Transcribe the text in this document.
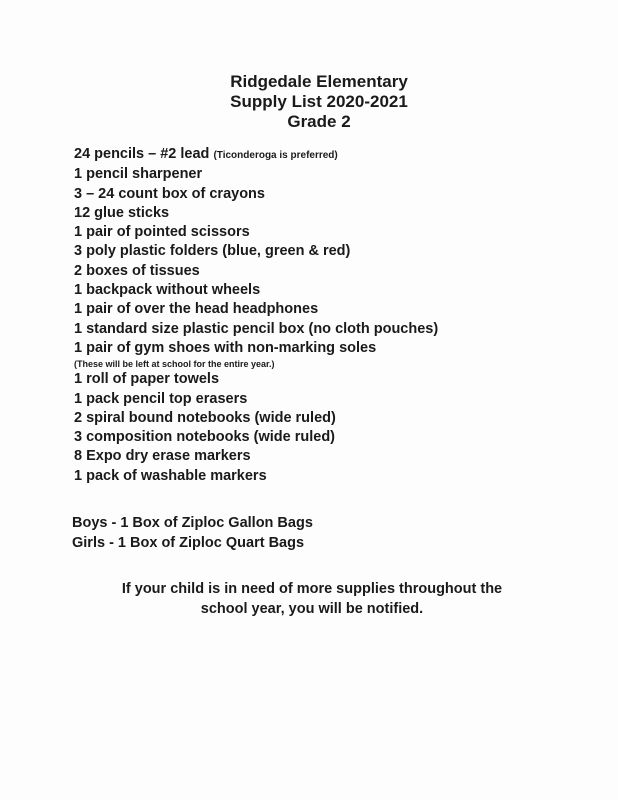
Ridgedale Elementary
Supply List 2020-2021
Grade 2
24 pencils – #2 lead (Ticonderoga is preferred)
1 pencil sharpener
3 – 24 count box of crayons
12 glue sticks
1 pair of pointed scissors
3 poly plastic folders (blue, green & red)
2 boxes of tissues
1 backpack without wheels
1 pair of over the head headphones
1 standard size plastic pencil box (no cloth pouches)
1 pair of gym shoes with non-marking soles
(These will be left at school for the entire year.)
1 roll of paper towels
1 pack pencil top erasers
2 spiral bound notebooks (wide ruled)
3 composition notebooks (wide ruled)
8 Expo dry erase markers
1 pack of washable markers
Boys - 1 Box of Ziploc Gallon Bags
Girls - 1 Box of Ziploc Quart Bags
If your child is in need of more supplies throughout the
school year, you will be notified.
